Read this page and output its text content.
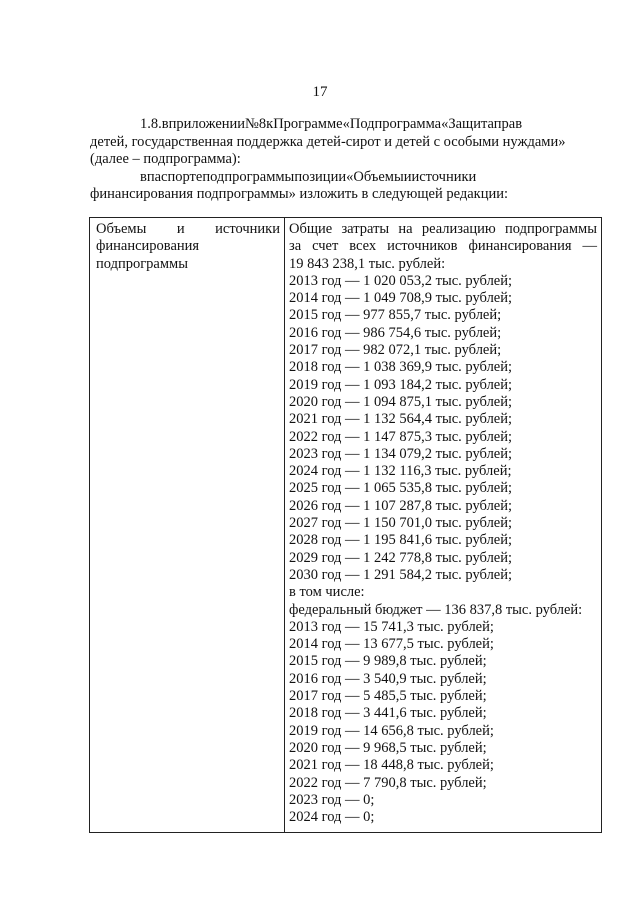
17
1.8.вприложении№8кПрограмме«Подпрограмма«Защитаправ
детей, государственная поддержка детей-сирот и детей с особыми нуждами»
(далее – подпрограмма):
впаспортеподпрограммыпозиции«Объемыиисточники
финансирования подпрограммы» изложить в следующей редакции:
Объемы и источники
финансирования
подпрограммы
Общие затраты на реализацию подпрограммы
за счет всех источников финансирования —
19 843 238,1 тыс. рублей:
2013 год — 1 020 053,2 тыс. рублей;
2014 год — 1 049 708,9 тыс. рублей;
2015 год — 977 855,7 тыс. рублей;
2016 год — 986 754,6 тыс. рублей;
2017 год — 982 072,1 тыс. рублей;
2018 год — 1 038 369,9 тыс. рублей;
2019 год — 1 093 184,2 тыс. рублей;
2020 год — 1 094 875,1 тыс. рублей;
2021 год — 1 132 564,4 тыс. рублей;
2022 год — 1 147 875,3 тыс. рублей;
2023 год — 1 134 079,2 тыс. рублей;
2024 год — 1 132 116,3 тыс. рублей;
2025 год — 1 065 535,8 тыс. рублей;
2026 год — 1 107 287,8 тыс. рублей;
2027 год — 1 150 701,0 тыс. рублей;
2028 год — 1 195 841,6 тыс. рублей;
2029 год — 1 242 778,8 тыс. рублей;
2030 год — 1 291 584,2 тыс. рублей;
в том числе:
федеральный бюджет — 136 837,8 тыс. рублей:
2013 год — 15 741,3 тыс. рублей;
2014 год — 13 677,5 тыс. рублей;
2015 год — 9 989,8 тыс. рублей;
2016 год — 3 540,9 тыс. рублей;
2017 год — 5 485,5 тыс. рублей;
2018 год — 3 441,6 тыс. рублей;
2019 год — 14 656,8 тыс. рублей;
2020 год — 9 968,5 тыс. рублей;
2021 год — 18 448,8 тыс. рублей;
2022 год — 7 790,8 тыс. рублей;
2023 год — 0;
2024 год — 0;
